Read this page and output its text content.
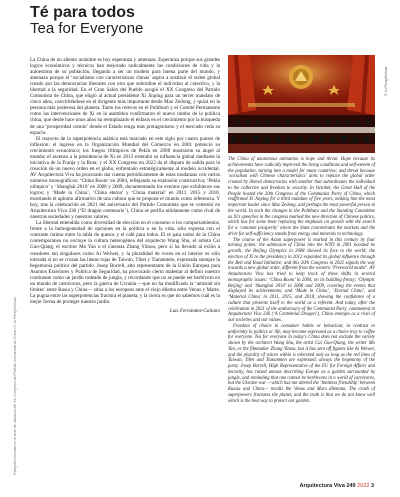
Té para todos
Tea for Everyone
Fotografía tomada en el acto de clausura del XX Congreso del Partido Comunista de China (© Ju Peng/Xinhua)

La China de un aliento unánime es hoy esperanza y amenaza. Esperanza porque sus grandes logros económicos y técnicos han mejorado radicalmente las condiciones de vida y la autoestima de su población, llegando a ser un modelo para buena parte del mundo, y amenaza porque el ‘socialismo con características chinas’ aspira a sustituir el orden global creado por las democracias liberales con otro que subordine el individuo al colectivo, y la libertad a la seguridad. En el Gran Salón del Pueblo acogió el XX Congreso del Partido Comunista de China, que eligió al actual presidente Xi Jinping para un tercer mandato de cinco años, convirtiéndose en el dirigente más importante desde Mao Zedong, y quizá en la persona más poderosa del planeta. Tanto los relevos en el Politburó y el Comité Permanente como las intervenciones de Xi en la asamblea confirmaron el nuevo rumbo de la política china, que desde hace unos años ha reemplazado el énfasis en el crecimiento por la búsqueda de una ‘prosperidad común’ donde el Estado tenga más protagonismo y el mercado ceda su espacio.

El trayecto de la superpotencia asiática está marcado en este siglo por cuatro puntos de inflexión: el ingreso en la Organización Mundial del Comercio en 2001 potenció su crecimiento económico; los Juegos Olímpicos de Pekín en 2008 mostraron su ángel al mundo; el ascenso a la presidencia de Xi en 2012 extendió su influencia global mediante la iniciativa de la Franja y la Ruta; y el XX Congreso en 2022 da el disparo de salida para la creación de un nuevo orden en el globo, enfrentado estratégicamente al modelo occidental. AV Arquitectura Viva ha procurado dar cuenta periódicamente de estas mudanzas con varios números monográficos: ‘China Boom’ en 2004, reflejando su explosión constructiva; ‘Pekín olímpico’ y ‘Shanghái 2010’ en 2008 y 2009, documentando los eventos que exhibieron sus logros; y ‘Made in China’, ‘China eterna’ y ‘China material’ en 2011, 2015 y 2018, mostrando el aplomo afirmativo de una cultura que se propone el mundo como referencia. Y hoy, tras la celebración en 2021 del aniversario del Partido Comunista que se comentó en Arquitectura Viva 236 (‘El dragón centenario’), China se perfila nítidamente como rival de nuestras sociedades y nuestros valores.

La libertad entendida como diversidad de elección en el consumo o los comportamientos, frente a la homogeneidad de opciones en la política o en la vida, sólo expresa con el contraste íntimo entre la tabla de quesos y el café para todos. El té para todos de la China contemporánea no excluye la cultura heterogénea del arquitecto Wang Shu, el artista Cai Guo-Qiang, el escritor Mo Yan o el cineasta Zhang Yimou, pero sí ha llevado al exilio a creadores tan singulares como Ai Weiwei, y la pluralidad de voces en el interior es sólo tolerada si no se cruzan las líneas rojas de Taiwán, Tíbet y Tiananmén, expresada siempre la hegemonía política del partido. Josep Borrell, alto representante de la Unión Europea para Asuntos Exteriores y Política de Seguridad, ha provocado cierto malestar al definir nuestro continente como un jardín rodeado de jungla, y recordando que no se puede ser herbívoro en un mundo de carnívoros, pero la guerra de Ucrania —que no ha modificado la ‘amistad sin límites’ entre Rusia y China— sitúa a los europeos ante el viejo dilema entre Venus y Marte. La pugna entre las superpotencias fractura el planeta, y la cierra es que no sabemos cuál es la mejor forma de proteger nuestro jardín.

Luis Fernández-Galiano

© Ju Peng/Xinhua

The China of unanimous animation is hope and threat. Hope because its achievements have radically improved the living conditions and self-esteem of the population, turning into a model for many countries; and threat because ‘socialism with Chinese characteristics’ aims to replace the global order created by liberal democracies with another that subordinates the individual to the collective and freedom to security. In October, the Great Hall of the People hosted the 20th Congress of the Communist Party of China, which reaffirmed Xi Jinping for a third mandate of five years, making him the most important leader since Mao Zedong, and perhaps the most powerful person in the world. In each the changes in the Politburo and the Standing Committee as Xi's speeches in the congress marked the new direction of Chinese politics, which has for some been replacing the emphasis on growth with the search for a ‘common prosperity’ where the State concentrates the markets and the drive for self-sufficiency stands from energy and minerals to technology.

The course of the Asian superpower is marked in this century by four turning points: the admission of China into the WTO in 2001 boosted its growth; the Beijing Olympics in 2008 showed its face to the world; the election of Xi to the presidency in 2012 expanded its global influence through the Belt and Road Initiative; and this 20th Congress in 2022 signals the way towards a new global order, different from the western ‘Freeworld model’. AV Arquitectura Viva has tried to keep track of these shifts in several monographic issues: ‘China Boom’ in 2004, on its building frenzy; ‘Olympic Beijing’ and ‘Shanghai 2010’ in 2008 and 2009, covering the events that displayed its achievements; and ‘Made in China’, ‘Eternal China’, and ‘Material China’ in 2011, 2015, and 2018, showing the confidence of a culture that presents itself to the world as a referent. And today, after the celebration in 2021 of the anniversary of the Communist Party, commented in Arquitectura Viva 236 (‘A Centennial Dragon’), China emerges as a rival of our societies and our values.

Freedom of choice in consumer habits or behaviour, in contrast to uniformity in politics or life, may become expressed as a choice tray to coffee for everyone. Tea for everyone in today's China does not exclude the variety shown by the architect Wang Shu, the artist Cai Guo-Qiang, the writer Mo Yan, or the filmmaker Zhang Yimou, but it has sent off figures like Ai Weiwei, and the plurality of voices within is tolerated only as long as the red lines of Taiwan, Tibet and Tiananmen are expressed, always the hegemony of the party. Josep Borrell, High Representative of the EU for Foreign Affairs and Security, has raised unease describing Europe as a garden surrounded by jungle, and reminding that one cannot be herbivores in a world of carnivores, but the Ukraine war —which has not altered the ‘limitless friendship’ between Russia and China— recalls the Venus and Mars dilemma. The crash of superpowers fractures the planet, and the truth is that we do not know well which is the best way to protect our garden.

Arquitectura Viva 249 2022 3
